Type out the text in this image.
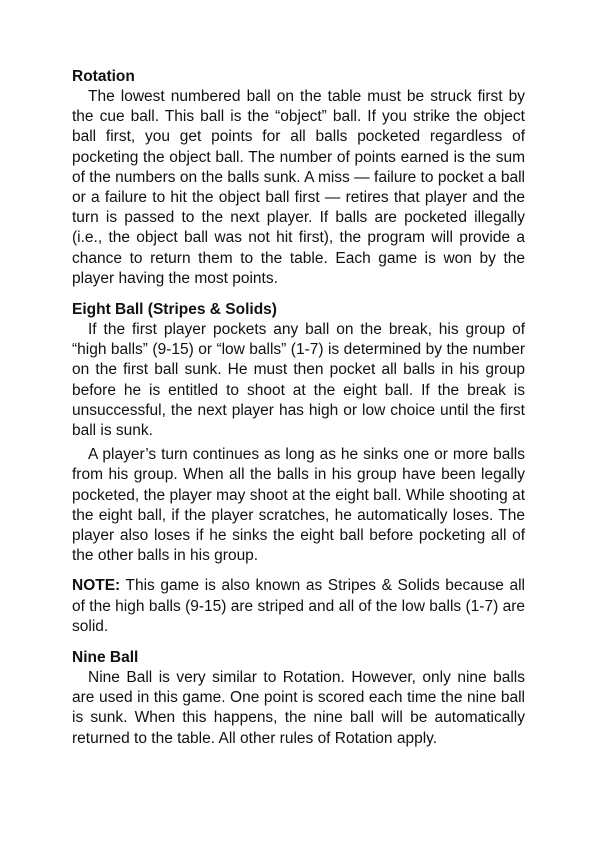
Rotation

The lowest numbered ball on the table must be struck first by the cue ball. This ball is the “object” ball. If you strike the object ball first, you get points for all balls pocketed regardless of pocketing the object ball. The number of points earned is the sum of the numbers on the balls sunk. A miss — failure to pocket a ball or a failure to hit the object ball first — retires that player and the turn is passed to the next player. If balls are pocketed illegally (i.e., the object ball was not hit first), the program will provide a chance to return them to the table. Each game is won by the player having the most points.

Eight Ball (Stripes & Solids)

If the first player pockets any ball on the break, his group of “high balls” (9-15) or “low balls” (1-7) is determined by the number on the first ball sunk. He must then pocket all balls in his group before he is entitled to shoot at the eight ball. If the break is unsuccessful, the next player has high or low choice until the first ball is sunk.

A player’s turn continues as long as he sinks one or more balls from his group. When all the balls in his group have been legally pocketed, the player may shoot at the eight ball. While shooting at the eight ball, if the player scratches, he automatically loses. The player also loses if he sinks the eight ball before pocketing all of the other balls in his group.

NOTE: This game is also known as Stripes & Solids because all of the high balls (9-15) are striped and all of the low balls (1-7) are solid.

Nine Ball

Nine Ball is very similar to Rotation. However, only nine balls are used in this game. One point is scored each time the nine ball is sunk. When this happens, the nine ball will be automatically returned to the table. All other rules of Rotation apply.
